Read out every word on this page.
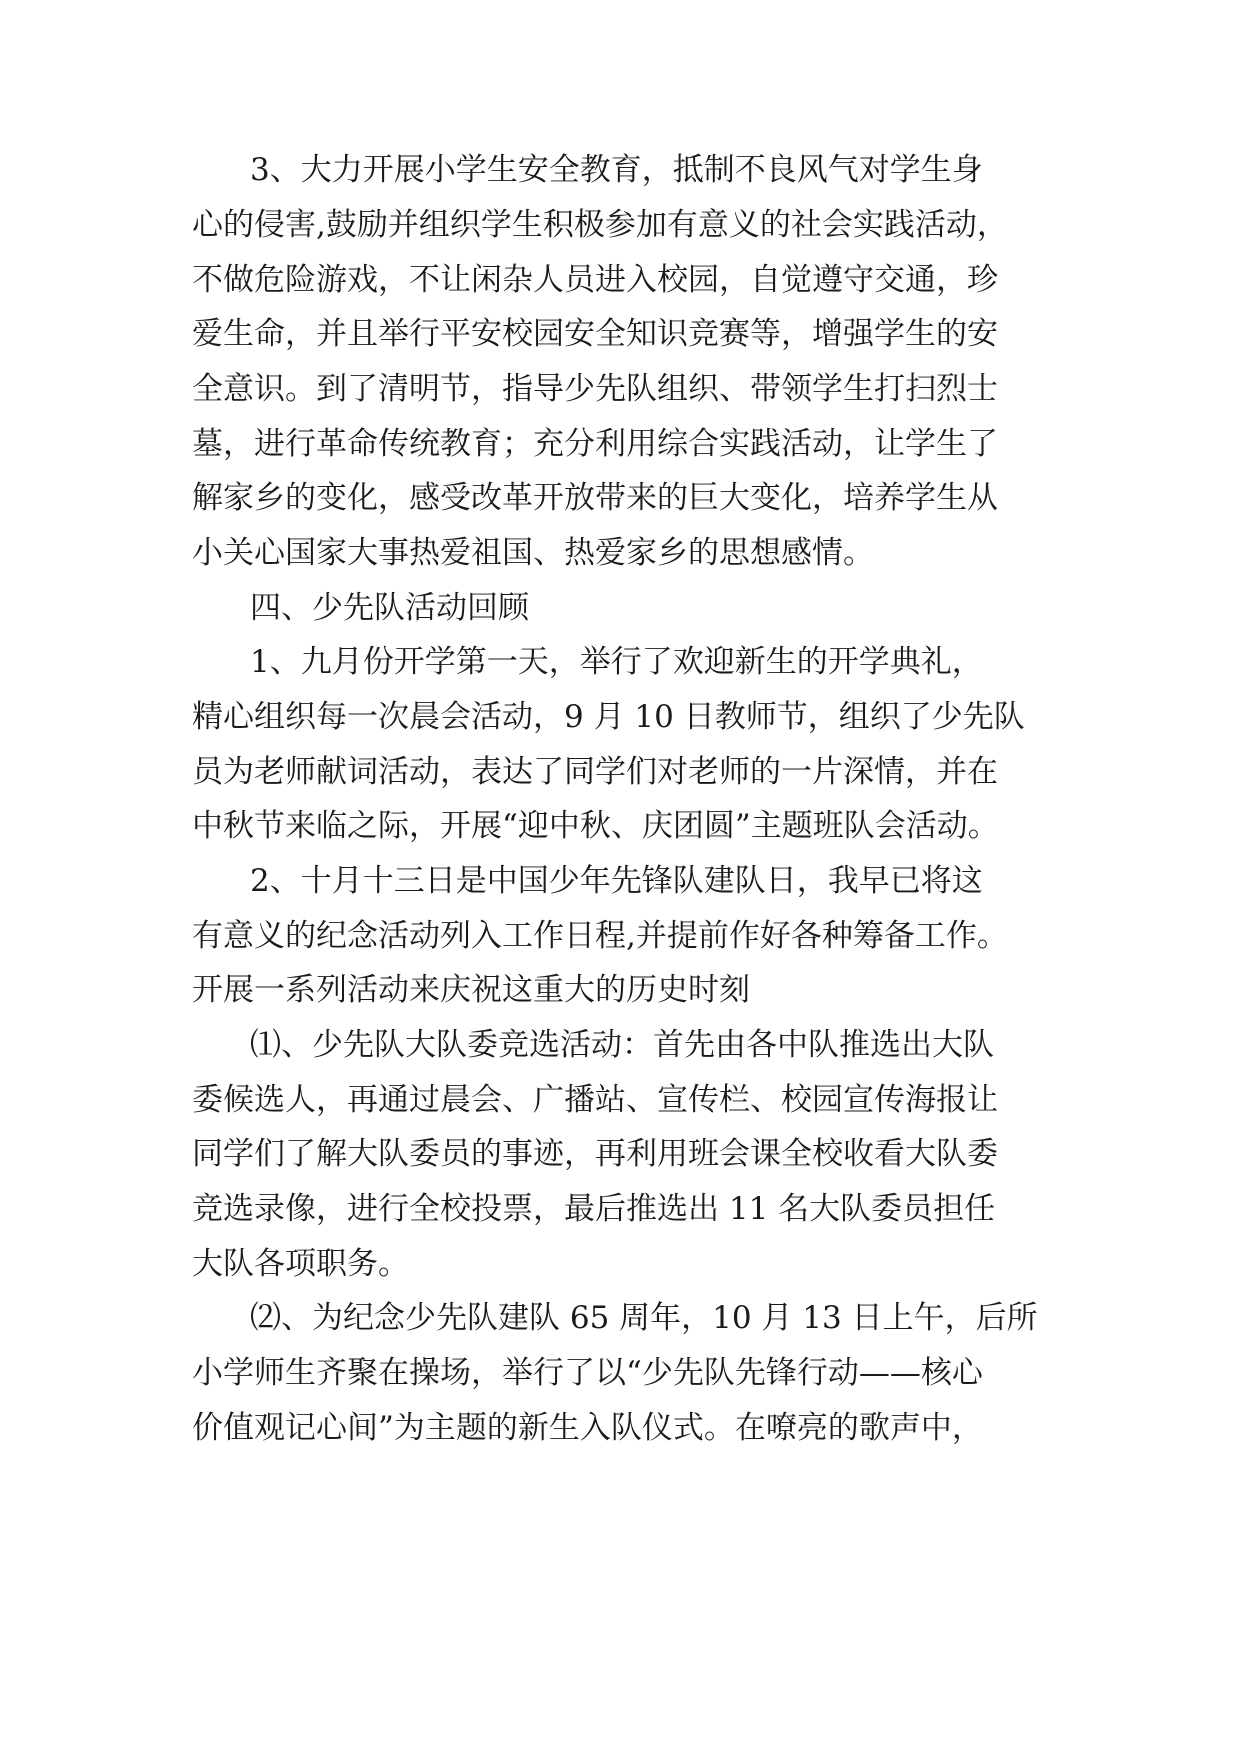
3、大力开展小学生安全教育，抵制不良风气对学生身
心的侵害,鼓励并组织学生积极参加有意义的社会实践活动，
不做危险游戏，不让闲杂人员进入校园，自觉遵守交通，珍
爱生命，并且举行平安校园安全知识竞赛等，增强学生的安
全意识。到了清明节，指导少先队组织、带领学生打扫烈士
墓，进行革命传统教育；充分利用综合实践活动，让学生了
解家乡的变化，感受改革开放带来的巨大变化，培养学生从
小关心国家大事热爱祖国、热爱家乡的思想感情。
四、少先队活动回顾
1、九月份开学第一天，举行了欢迎新生的开学典礼，
精心组织每一次晨会活动，9 月 10 日教师节，组织了少先队
员为老师献词活动，表达了同学们对老师的一片深情，并在
中秋节来临之际，开展“迎中秋、庆团圆”主题班队会活动。
2、十月十三日是中国少年先锋队建队日，我早已将这
有意义的纪念活动列入工作日程,并提前作好各种筹备工作。
开展一系列活动来庆祝这重大的历史时刻
⑴、少先队大队委竞选活动：首先由各中队推选出大队
委候选人，再通过晨会、广播站、宣传栏、校园宣传海报让
同学们了解大队委员的事迹，再利用班会课全校收看大队委
竞选录像，进行全校投票，最后推选出 11 名大队委员担任
大队各项职务。
⑵、为纪念少先队建队 65 周年，10 月 13 日上午，后所
小学师生齐聚在操场，举行了以“少先队先锋行动——核心
价值观记心间”为主题的新生入队仪式。在嘹亮的歌声中，
